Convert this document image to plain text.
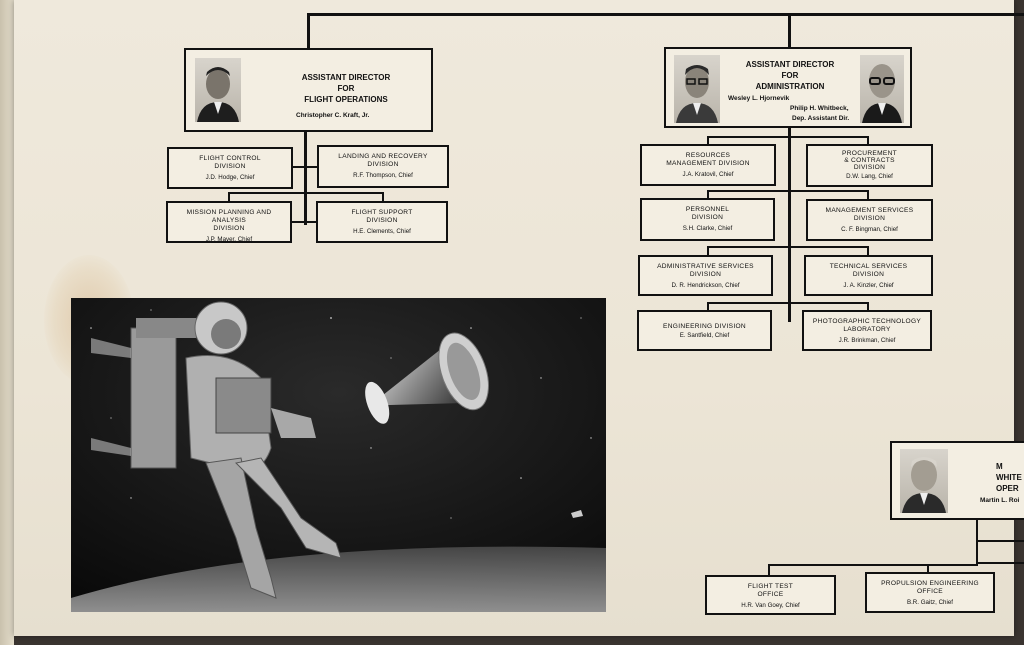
ASSISTANT DIRECTOR
FOR
FLIGHT OPERATIONS
Christopher C. Kraft, Jr.
FLIGHT CONTROL
DIVISION
J.D. Hodge, Chief
LANDING AND RECOVERY
DIVISION
R.F. Thompson, Chief
MISSION PLANNING AND ANALYSIS
DIVISION
J.P. Mayer, Chief
FLIGHT SUPPORT
DIVISION
H.E. Clements, Chief
ASSISTANT DIRECTOR
FOR
ADMINISTRATION
Wesley L. Hjornevik
Philip H. Whitbeck,
Dep. Assistant Dir.
RESOURCES
MANAGEMENT DIVISION
J.A. Kratovil, Chief
PROCUREMENT
& CONTRACTS
DIVISION
D.W. Lang, Chief
PERSONNEL
DIVISION
S.H. Clarke, Chief
MANAGEMENT SERVICES
DIVISION
C. F. Bingman, Chief
ADMINISTRATIVE SERVICES
DIVISION
D. R. Hendrickson, Chief
TECHNICAL SERVICES
DIVISION
J. A. Kinzler, Chief
ENGINEERING DIVISION
E. Santfield, Chief
PHOTOGRAPHIC TECHNOLOGY
LABORATORY
J.R. Brinkman, Chief
M
WHITE
OPER
Martin L. Roi
FLIGHT TEST
OFFICE
H.R. Van Goey, Chief
PROPULSION ENGINEERING
OFFICE
B.R. Gaitz, Chief
